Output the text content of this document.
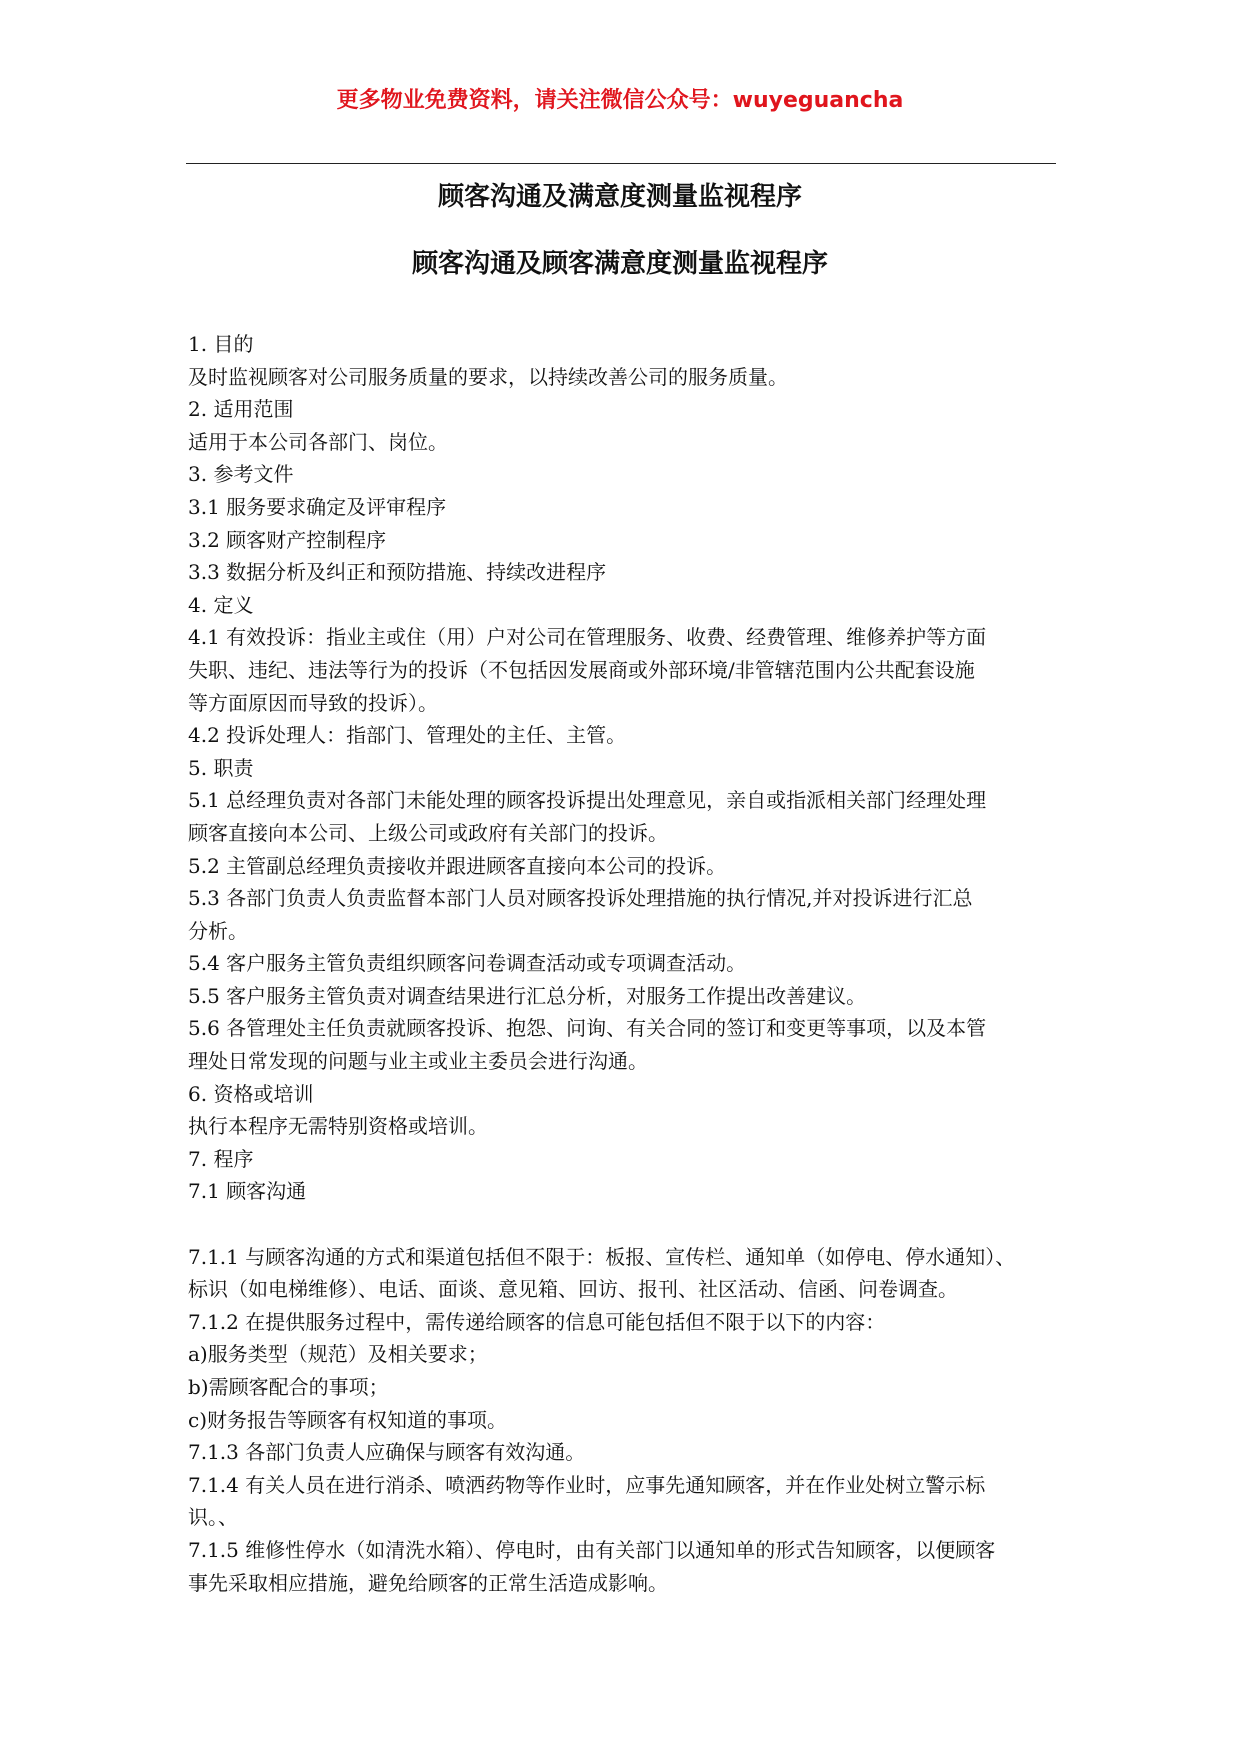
更多物业免费资料，请关注微信公众号：wuyeguancha
顾客沟通及满意度测量监视程序
顾客沟通及顾客满意度测量监视程序
1. 目的
及时监视顾客对公司服务质量的要求，以持续改善公司的服务质量。
2. 适用范围
适用于本公司各部门、岗位。
3. 参考文件
3.1 服务要求确定及评审程序
3.2 顾客财产控制程序
3.3 数据分析及纠正和预防措施、持续改进程序
4. 定义
4.1 有效投诉：指业主或住（用）户对公司在管理服务、收费、经费管理、维修养护等方面
失职、违纪、违法等行为的投诉（不包括因发展商或外部环境/非管辖范围内公共配套设施
等方面原因而导致的投诉）。
4.2 投诉处理人：指部门、管理处的主任、主管。
5. 职责
5.1 总经理负责对各部门未能处理的顾客投诉提出处理意见，亲自或指派相关部门经理处理
顾客直接向本公司、上级公司或政府有关部门的投诉。
5.2 主管副总经理负责接收并跟进顾客直接向本公司的投诉。
5.3 各部门负责人负责监督本部门人员对顾客投诉处理措施的执行情况,并对投诉进行汇总
分析。
5.4 客户服务主管负责组织顾客问卷调查活动或专项调查活动。
5.5 客户服务主管负责对调查结果进行汇总分析，对服务工作提出改善建议。
5.6 各管理处主任负责就顾客投诉、抱怨、问询、有关合同的签订和变更等事项，以及本管
理处日常发现的问题与业主或业主委员会进行沟通。
6. 资格或培训
执行本程序无需特别资格或培训。
7. 程序
7.1 顾客沟通
7.1.1 与顾客沟通的方式和渠道包括但不限于：板报、宣传栏、通知单（如停电、停水通知）、
标识（如电梯维修）、电话、面谈、意见箱、回访、报刊、社区活动、信函、问卷调查。
7.1.2 在提供服务过程中，需传递给顾客的信息可能包括但不限于以下的内容：
a)服务类型（规范）及相关要求；
b)需顾客配合的事项；
c)财务报告等顾客有权知道的事项。
7.1.3 各部门负责人应确保与顾客有效沟通。
7.1.4 有关人员在进行消杀、喷洒药物等作业时，应事先通知顾客，并在作业处树立警示标
识。、
7.1.5 维修性停水（如清洗水箱）、停电时，由有关部门以通知单的形式告知顾客，以便顾客
事先采取相应措施，避免给顾客的正常生活造成影响。
